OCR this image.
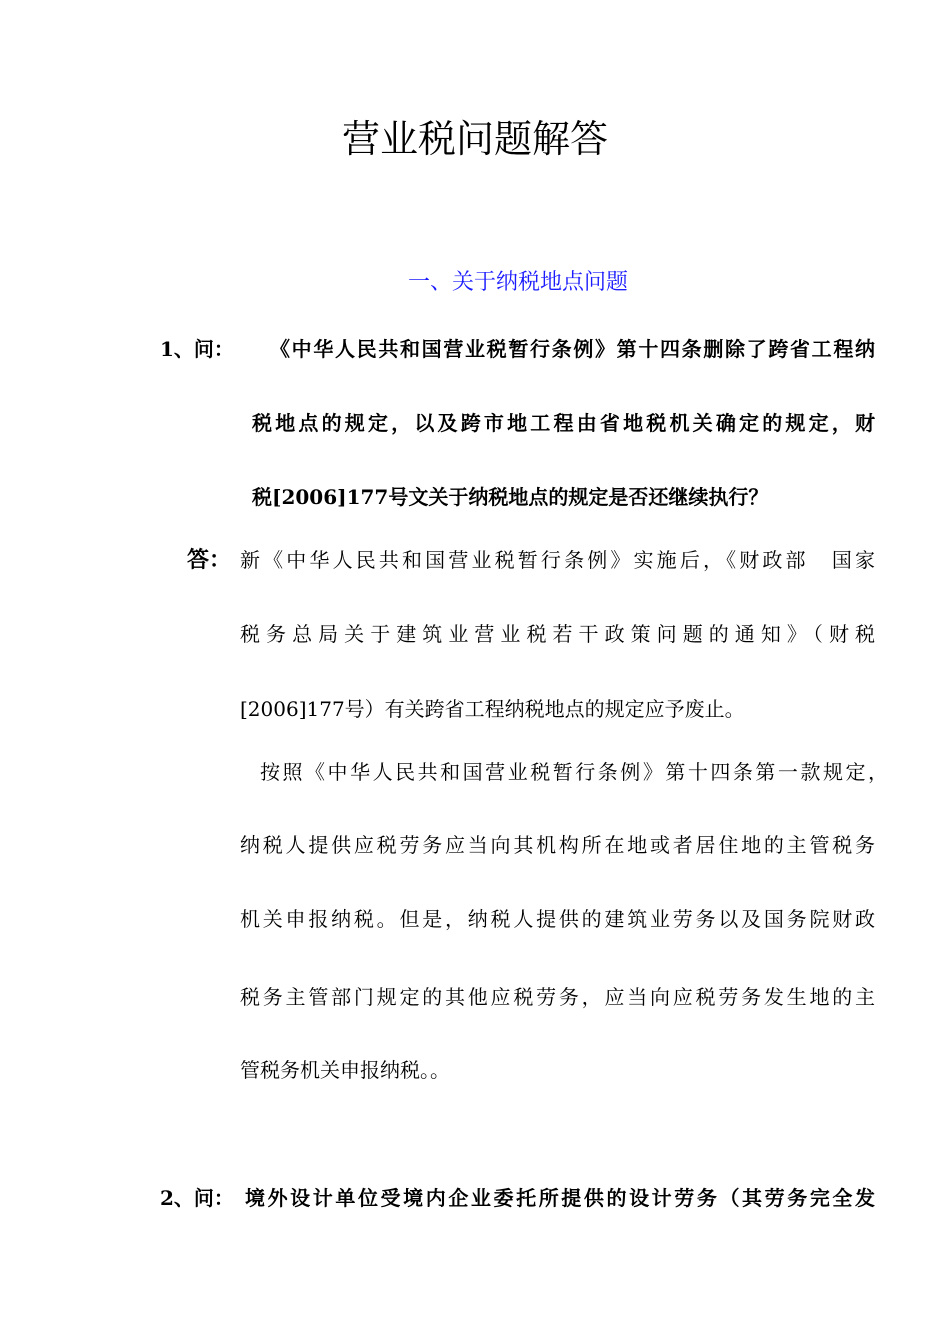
营业税问题解答
一、关于纳税地点问题
1、问： 《中华人民共和国营业税暂行条例》第十四条删除了跨省工程纳
税地点的规定，以及跨市地工程由省地税机关确定的规定，财
税[2006]177号文关于纳税地点的规定是否还继续执行？
答： 新《中华人民共和国营业税暂行条例》实施后，《财政部　国家
税务总局关于建筑业营业税若干政策问题的通知》（财税
[2006]177号）有关跨省工程纳税地点的规定应予废止。
按照《中华人民共和国营业税暂行条例》第十四条第一款规定，
纳税人提供应税劳务应当向其机构所在地或者居住地的主管税务
机关申报纳税。但是，纳税人提供的建筑业劳务以及国务院财政
税务主管部门规定的其他应税劳务，应当向应税劳务发生地的主
管税务机关申报纳税。。
2、问： 境外设计单位受境内企业委托所提供的设计劳务（其劳务完全发
